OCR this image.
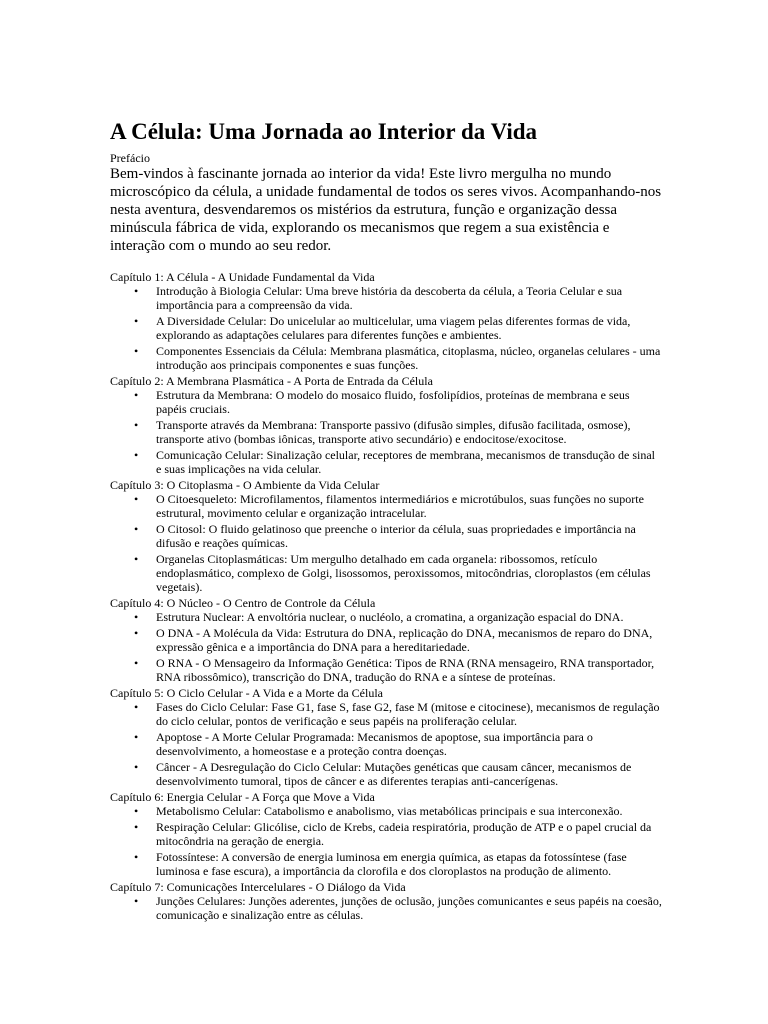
A Célula: Uma Jornada ao Interior da Vida

Prefácio

Bem-vindos à fascinante jornada ao interior da vida! Este livro mergulha no mundo microscópico da célula, a unidade fundamental de todos os seres vivos. Acompanhando-nos nesta aventura, desvendaremos os mistérios da estrutura, função e organização dessa minúscula fábrica de vida, explorando os mecanismos que regem a sua existência e interação com o mundo ao seu redor.

Capítulo 1: A Célula - A Unidade Fundamental da Vida

• Introdução à Biologia Celular: Uma breve história da descoberta da célula, a Teoria Celular e sua importância para a compreensão da vida.
• A Diversidade Celular: Do unicelular ao multicelular, uma viagem pelas diferentes formas de vida, explorando as adaptações celulares para diferentes funções e ambientes.
• Componentes Essenciais da Célula: Membrana plasmática, citoplasma, núcleo, organelas celulares - uma introdução aos principais componentes e suas funções.

Capítulo 2: A Membrana Plasmática - A Porta de Entrada da Célula

• Estrutura da Membrana: O modelo do mosaico fluido, fosfolipídios, proteínas de membrana e seus papéis cruciais.
• Transporte através da Membrana: Transporte passivo (difusão simples, difusão facilitada, osmose), transporte ativo (bombas iônicas, transporte ativo secundário) e endocitose/exocitose.
• Comunicação Celular: Sinalização celular, receptores de membrana, mecanismos de transdução de sinal e suas implicações na vida celular.

Capítulo 3: O Citoplasma - O Ambiente da Vida Celular

• O Citoesqueleto: Microfilamentos, filamentos intermediários e microtúbulos, suas funções no suporte estrutural, movimento celular e organização intracelular.
• O Citosol: O fluido gelatinoso que preenche o interior da célula, suas propriedades e importância na difusão e reações químicas.
• Organelas Citoplasmáticas: Um mergulho detalhado em cada organela: ribossomos, retículo endoplasmático, complexo de Golgi, lisossomos, peroxissomos, mitocôndrias, cloroplastos (em células vegetais).

Capítulo 4: O Núcleo - O Centro de Controle da Célula

• Estrutura Nuclear: A envoltória nuclear, o nucléolo, a cromatina, a organização espacial do DNA.
• O DNA - A Molécula da Vida: Estrutura do DNA, replicação do DNA, mecanismos de reparo do DNA, expressão gênica e a importância do DNA para a hereditariedade.
• O RNA - O Mensageiro da Informação Genética: Tipos de RNA (RNA mensageiro, RNA transportador, RNA ribossômico), transcrição do DNA, tradução do RNA e a síntese de proteínas.

Capítulo 5: O Ciclo Celular - A Vida e a Morte da Célula

• Fases do Ciclo Celular: Fase G1, fase S, fase G2, fase M (mitose e citocinese), mecanismos de regulação do ciclo celular, pontos de verificação e seus papéis na proliferação celular.
• Apoptose - A Morte Celular Programada: Mecanismos de apoptose, sua importância para o desenvolvimento, a homeostase e a proteção contra doenças.
• Câncer - A Desregulação do Ciclo Celular: Mutações genéticas que causam câncer, mecanismos de desenvolvimento tumoral, tipos de câncer e as diferentes terapias anti-cancerígenas.

Capítulo 6: Energia Celular - A Força que Move a Vida

• Metabolismo Celular: Catabolismo e anabolismo, vias metabólicas principais e sua interconexão.
• Respiração Celular: Glicólise, ciclo de Krebs, cadeia respiratória, produção de ATP e o papel crucial da mitocôndria na geração de energia.
• Fotossíntese: A conversão de energia luminosa em energia química, as etapas da fotossíntese (fase luminosa e fase escura), a importância da clorofila e dos cloroplastos na produção de alimento.

Capítulo 7: Comunicações Intercelulares - O Diálogo da Vida

• Junções Celulares: Junções aderentes, junções de oclusão, junções comunicantes e seus papéis na coesão, comunicação e sinalização entre as células.
